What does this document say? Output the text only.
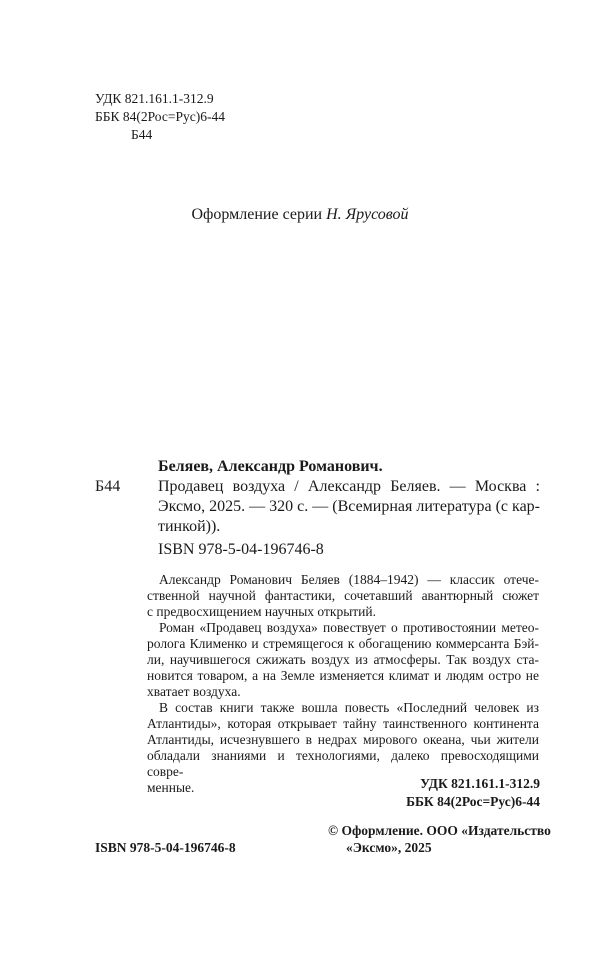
УДК 821.161.1-312.9
ББК 84(2Рос=Рус)6-44
Б44
Оформление серии Н. Ярусовой
Беляев, Александр Романович.
Б44 Продавец воздуха / Александр Беляев. — Москва :
Эксмо, 2025. — 320 с. — (Всемирная литература (с кар-
тинкой)).
ISBN 978-5-04-196746-8

Александр Романович Беляев (1884–1942) — классик отече-
ственной научной фантастики, сочетавший авантюрный сюжет
с предвосхищением научных открытий.

Роман «Продавец воздуха» повествует о противостоянии метео-
ролога Клименко и стремящегося к обогащению коммерсанта Бэй-
ли, научившегося сжижать воздух из атмосферы. Так воздух ста-
новится товаром, а на Земле изменяется климат и людям остро не
хватает воздуха.

В состав книги также вошла повесть «Последний человек из
Атлантиды», которая открывает тайну таинственного континента
Атлантиды, исчезнувшего в недрах мирового океана, чьи жители
обладали знаниями и технологиями, далеко превосходящими совре-
менные.	УДК 821.161.1-312.9
ББК 84(2Рос=Рус)6-44
ISBN 978-5-04-196746-8
© Оформление. ООО «Издательство
«Эксмо», 2025
